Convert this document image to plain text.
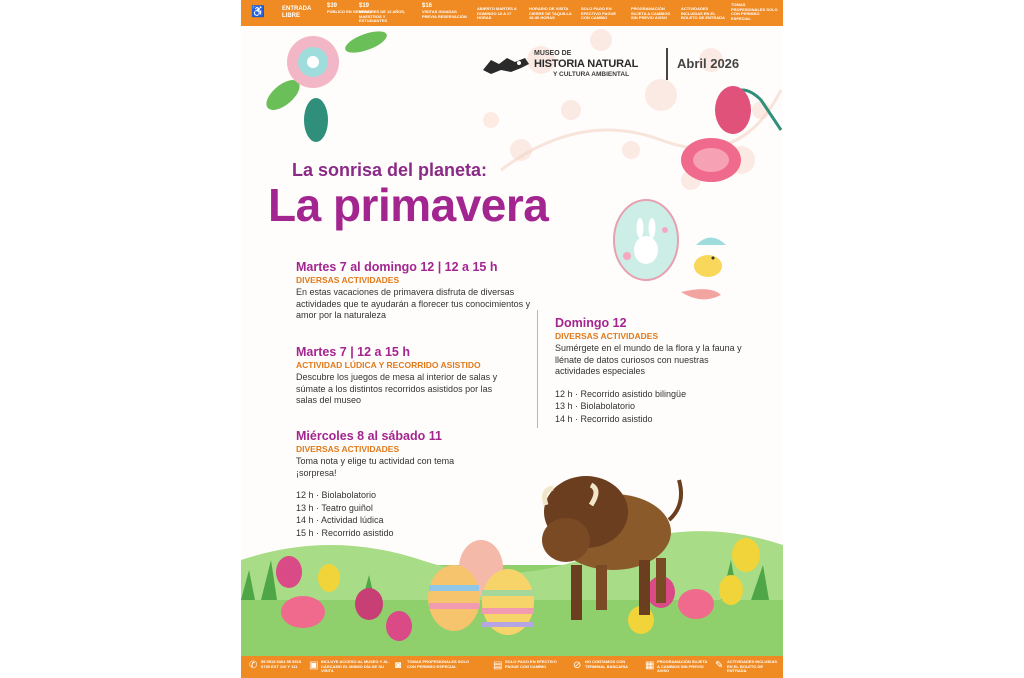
♿	ENTRADA LIBRE
$39
PÚBLICO EN GENERAL
$19
MENORES DE 12 AÑOS, MAESTROS Y ESTUDIANTES
$16
VISITAS GUIADAS PREVIA RESERVACIÓN
ABIERTO MARTES A DOMINGO 10 A 17 HORAS
HORARIO DE VISITA CIERRE DE TAQUILLA 16:30 HORAS
SOLO PAGO EN EFECTIVO PAGUE CON CAMBIO
PROGRAMACIÓN SUJETA A CAMBIOS SIN PREVIO AVISO
ACTIVIDADES INCLUIDAS EN EL BOLETO DE ENTRADA
TOMAS PROFESIONALES SOLO CON PERMISO ESPECIAL
MUSEO DE
HISTORIA NATURAL
Y CULTURA AMBIENTAL
Abril 2026
La sonrisa del planeta:
La primavera
Martes 7 al domingo 12 | 12 a 15 h
DIVERSAS ACTIVIDADES
En estas vacaciones de primavera disfruta de diversas actividades que te ayudarán a florecer tus conocimientos y amor por la naturaleza
Martes 7 | 12 a 15 h
ACTIVIDAD LÚDICA Y RECORRIDO ASISTIDO
Descubre los juegos de mesa al interior de salas y súmate a los distintos recorridos asistidos por las salas del museo
Miércoles 8 al sábado 11
DIVERSAS ACTIVIDADES
Toma nota y elige tu actividad con tema ¡sorpresa!
12 h · Biolabolatorio
13 h · Teatro guiñol
14 h · Actividad lúdica
15 h · Recorrido asistido
Domingo 12
DIVERSAS ACTIVIDADES
Sumérgete en el mundo de la flora y la fauna y llénate de datos curiosos con nuestras actividades especiales
12 h · Recorrido asistido bilingüe
13 h · Biolabolatorio
14 h · Recorrido asistido
✆ 55 5515 6304 55 5515 0739 EXT 110 Y 111	▣ INCLUYE ACCESO AL MUSEO Y AL CÁRCAMO EL MISMO DÍA DE SU VISITA	◙ TOMAS PROFESIONALES SOLO CON PERMISO ESPECIAL	▤ SOLO PAGO EN EFECTIVO PAGUE CON CAMBIO	⊘ NO CONTAMOS CON TERMINAL BANCARIA	▦ PROGRAMACIÓN SUJETA A CAMBIOS SIN PREVIO AVISO	✎ ACTIVIDADES INCLUIDAS EN EL BOLETO DE ENTRADA
